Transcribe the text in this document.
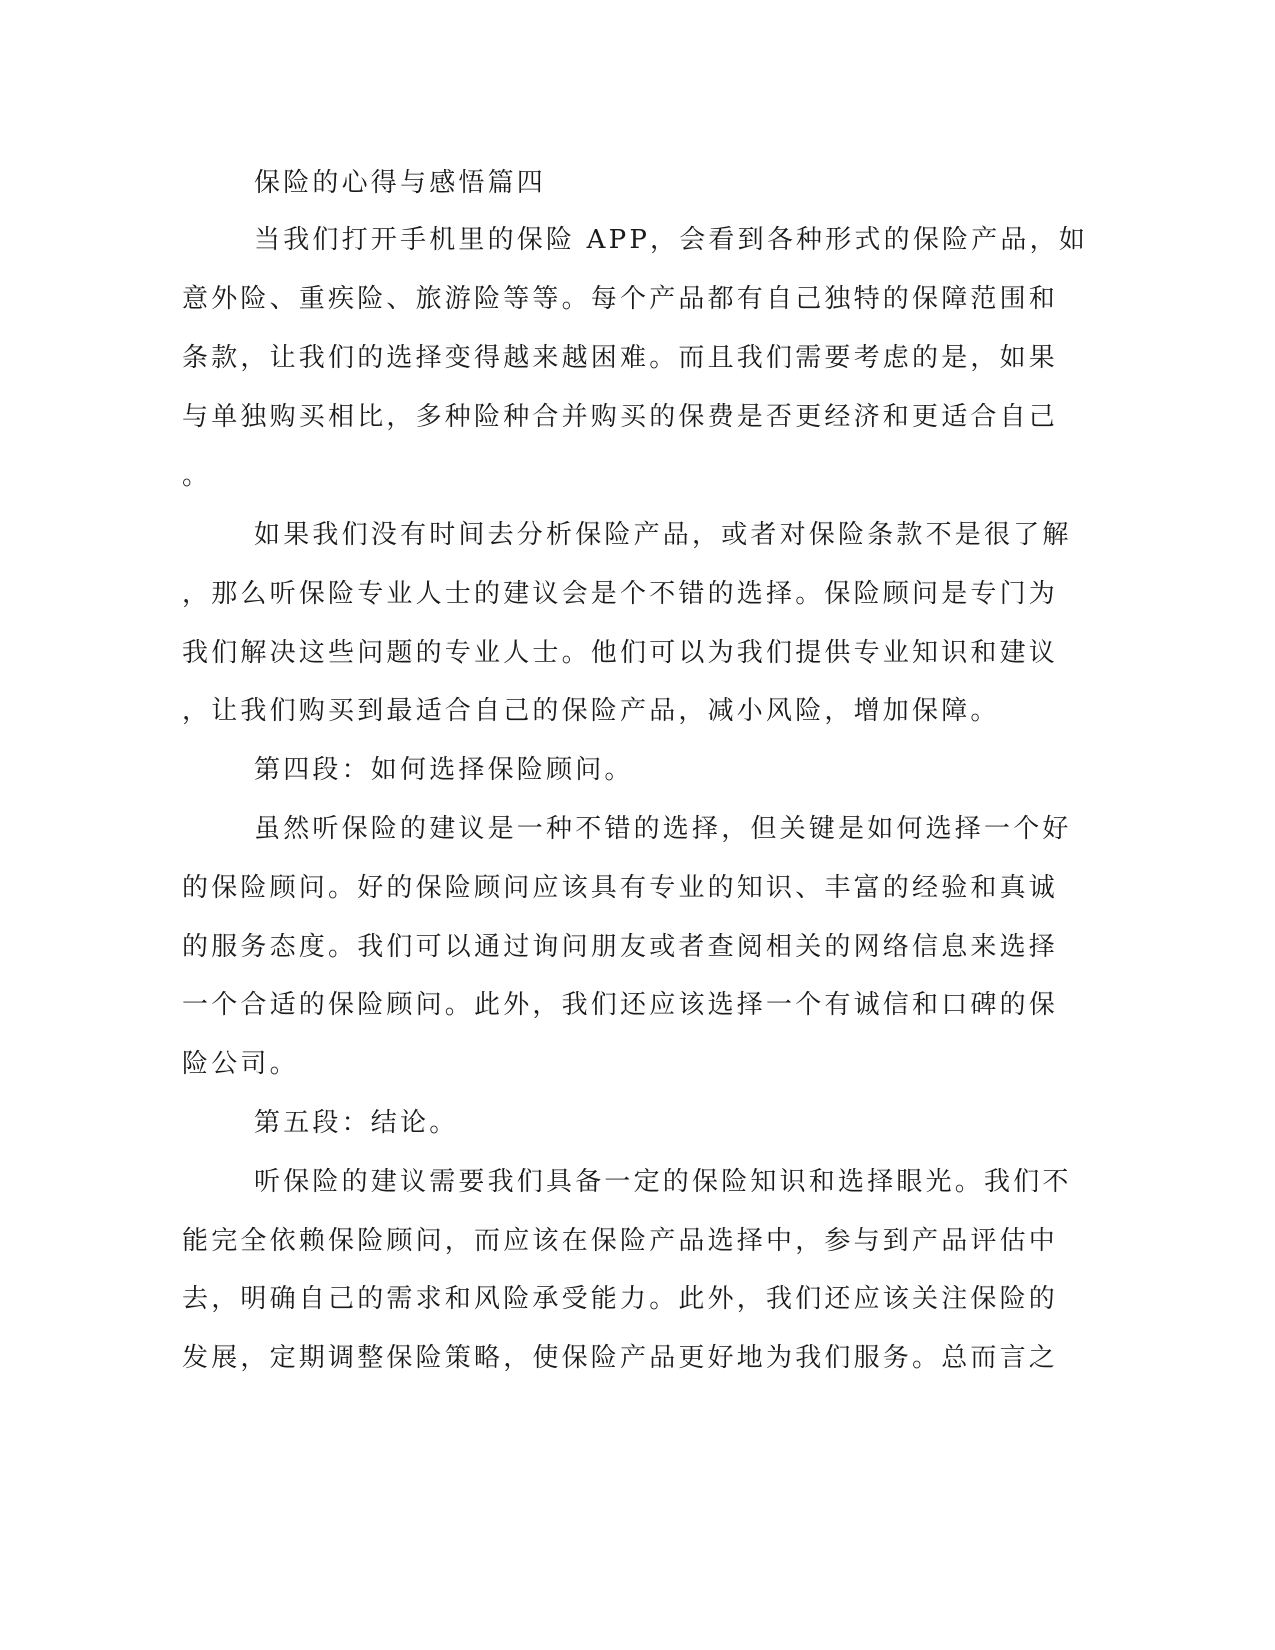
保险的心得与感悟篇四
当我们打开手机里的保险 APP，会看到各种形式的保险产品，如
意外险、重疾险、旅游险等等。每个产品都有自己独特的保障范围和
条款，让我们的选择变得越来越困难。而且我们需要考虑的是，如果
与单独购买相比，多种险种合并购买的保费是否更经济和更适合自己
。
如果我们没有时间去分析保险产品，或者对保险条款不是很了解
，那么听保险专业人士的建议会是个不错的选择。保险顾问是专门为
我们解决这些问题的专业人士。他们可以为我们提供专业知识和建议
，让我们购买到最适合自己的保险产品，减小风险，增加保障。
第四段：如何选择保险顾问。
虽然听保险的建议是一种不错的选择，但关键是如何选择一个好
的保险顾问。好的保险顾问应该具有专业的知识、丰富的经验和真诚
的服务态度。我们可以通过询问朋友或者查阅相关的网络信息来选择
一个合适的保险顾问。此外，我们还应该选择一个有诚信和口碑的保
险公司。
第五段：结论。
听保险的建议需要我们具备一定的保险知识和选择眼光。我们不
能完全依赖保险顾问，而应该在保险产品选择中，参与到产品评估中
去，明确自己的需求和风险承受能力。此外，我们还应该关注保险的
发展，定期调整保险策略，使保险产品更好地为我们服务。总而言之
